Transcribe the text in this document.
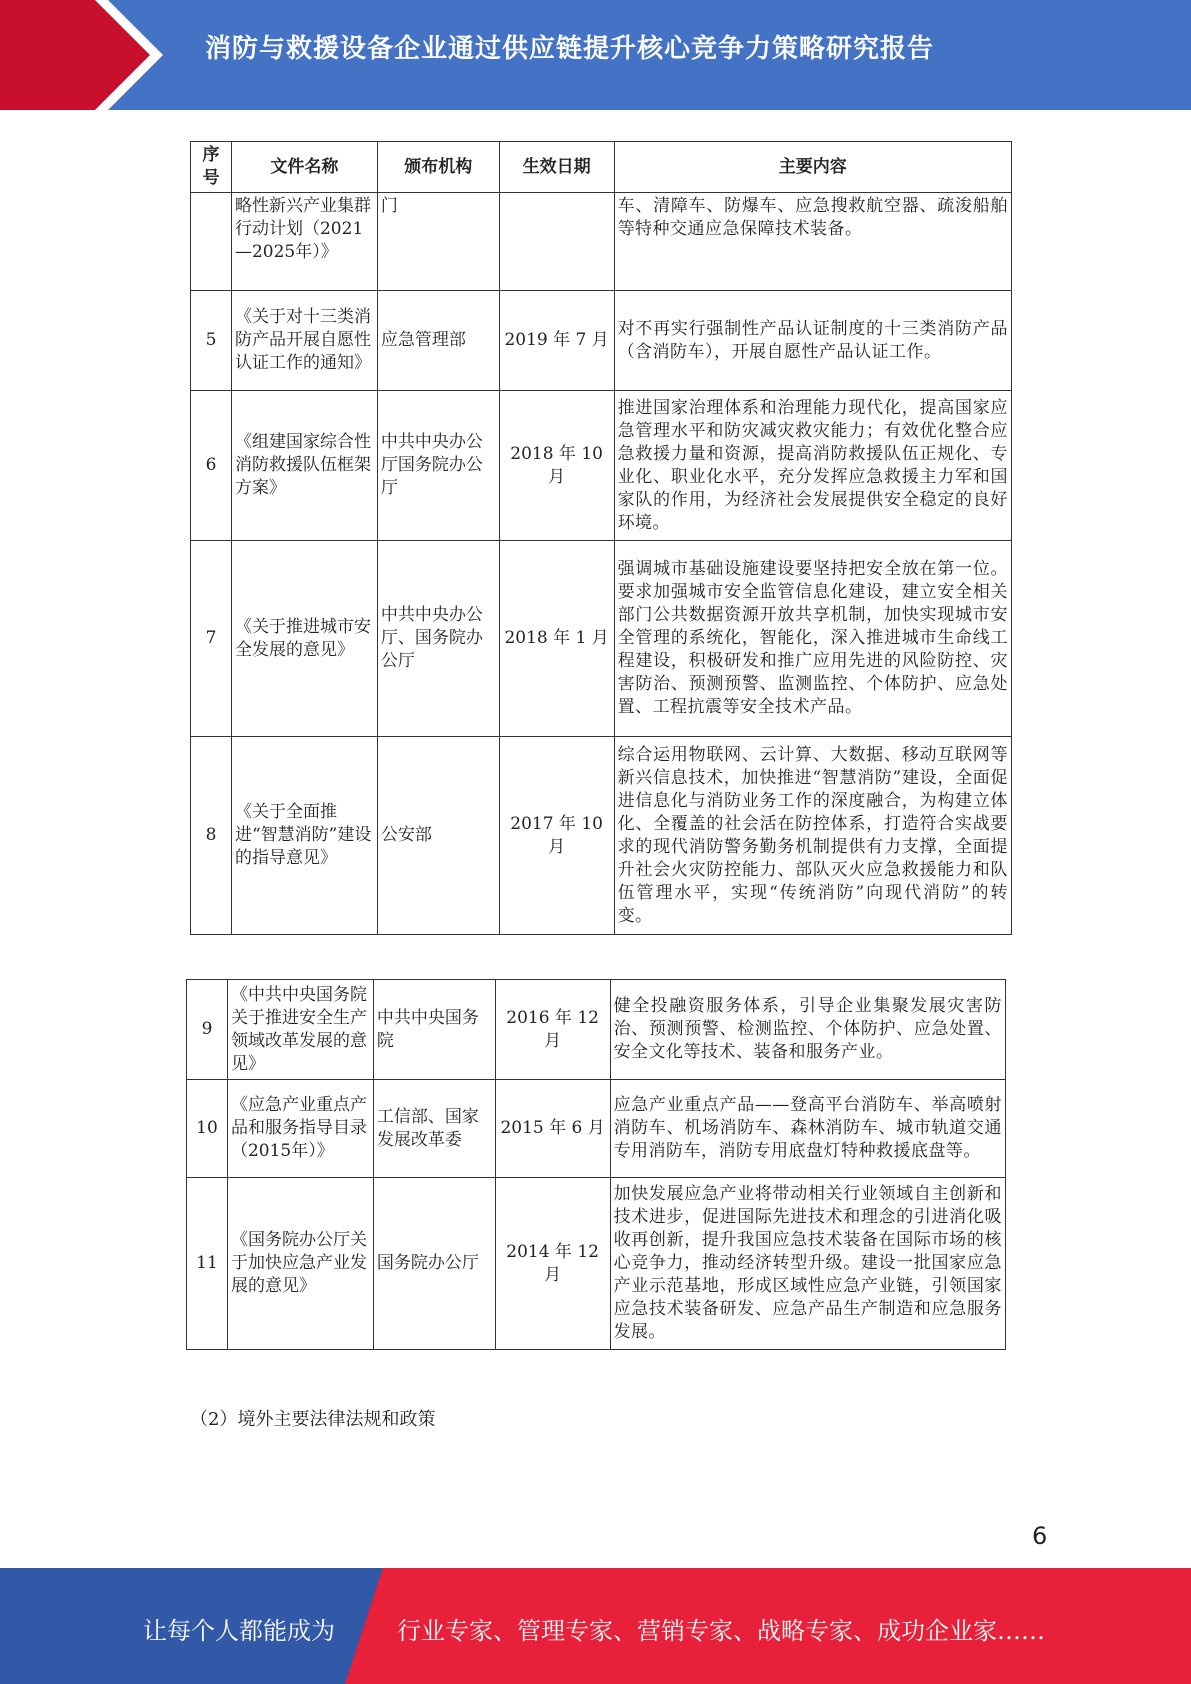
消防与救援设备企业通过供应链提升核心竞争力策略研究报告
序号	文件名称	颁布机构	生效日期	主要内容
	略性新兴产业集群行动计划（2021—2025年）》	门		车、清障车、防爆车、应急搜救航空器、疏浚船舶等特种交通应急保障技术装备。
5	《关于对十三类消防产品开展自愿性认证工作的通知》	应急管理部	2019 年 7 月	对不再实行强制性产品认证制度的十三类消防产品（含消防车），开展自愿性产品认证工作。
6	《组建国家综合性消防救援队伍框架方案》	中共中央办公厅国务院办公厅	2018 年 10 月	推进国家治理体系和治理能力现代化，提高国家应急管理水平和防灾减灾救灾能力；有效优化整合应急救援力量和资源，提高消防救援队伍正规化、专业化、职业化水平，充分发挥应急救援主力军和国家队的作用，为经济社会发展提供安全稳定的良好环境。
7	《关于推进城市安全发展的意见》	中共中央办公厅、国务院办公厅	2018 年 1 月	强调城市基础设施建设要坚持把安全放在第一位。要求加强城市安全监管信息化建设，建立安全相关部门公共数据资源开放共享机制，加快实现城市安全管理的系统化，智能化，深入推进城市生命线工程建设，积极研发和推广应用先进的风险防控、灾害防治、预测预警、监测监控、个体防护、应急处置、工程抗震等安全技术产品。
8	《关于全面推进“智慧消防”建设的指导意见》	公安部	2017 年 10 月	综合运用物联网、云计算、大数据、移动互联网等新兴信息技术，加快推进“智慧消防”建设，全面促进信息化与消防业务工作的深度融合，为构建立体化、全覆盖的社会活在防控体系，打造符合实战要求的现代消防警务勤务机制提供有力支撑，全面提升社会火灾防控能力、部队灭火应急救援能力和队伍管理水平，实现“传统消防”向现代消防”的转变。
9	《中共中央国务院关于推进安全生产领域改革发展的意见》	中共中央国务院	2016 年 12 月	健全投融资服务体系，引导企业集聚发展灾害防治、预测预警、检测监控、个体防护、应急处置、安全文化等技术、装备和服务产业。
10	《应急产业重点产品和服务指导目录（2015年）》	工信部、国家发展改革委	2015 年 6 月	应急产业重点产品——登高平台消防车、举高喷射消防车、机场消防车、森林消防车、城市轨道交通专用消防车，消防专用底盘灯特种救援底盘等。
11	《国务院办公厅关于加快应急产业发展的意见》	国务院办公厅	2014 年 12 月	加快发展应急产业将带动相关行业领域自主创新和技术进步，促进国际先进技术和理念的引进消化吸收再创新，提升我国应急技术装备在国际市场的核心竞争力，推动经济转型升级。建设一批国家应急产业示范基地，形成区域性应急产业链，引领国家应急技术装备研发、应急产品生产制造和应急服务发展。
（2）境外主要法律法规和政策
6
让每个人都能成为	行业专家、管理专家、营销专家、战略专家、成功企业家……
